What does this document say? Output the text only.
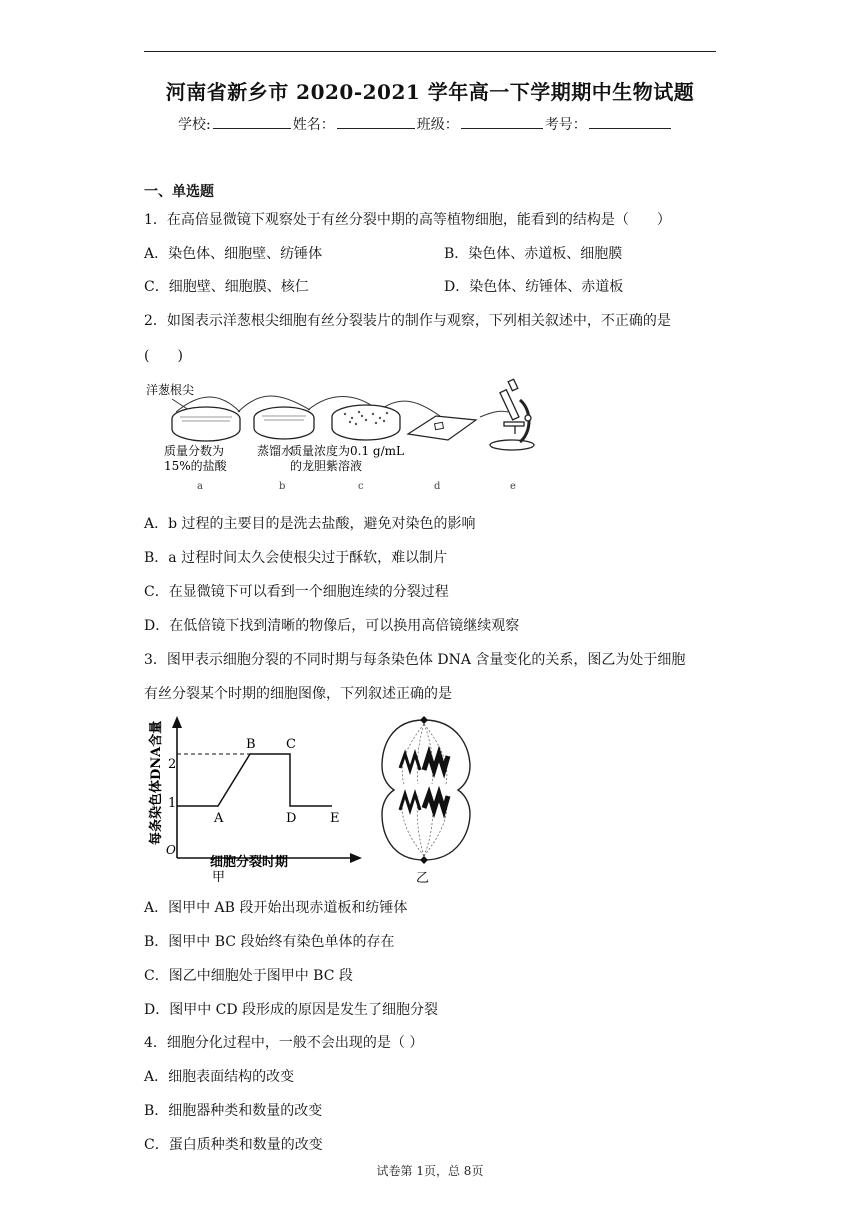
河南省新乡市 2020-2021 学年高一下学期期中生物试题
学校:	姓名：	班级：	考号：
一、单选题
1．在高倍显微镜下观察处于有丝分裂中期的高等植物细胞，能看到的结构是（　　）
A．染色体、细胞壁、纺锤体	B．染色体、赤道板、细胞膜
C．细胞壁、细胞膜、核仁	D．染色体、纺锤体、赤道板
2．如图表示洋葱根尖细胞有丝分裂装片的制作与观察，下列相关叙述中，不正确的是
(　　)
洋葱根尖
质量分数为
15%的盐酸
蒸馏水
质量浓度为0.1 g/mL
的龙胆紫溶液
a	b	c	d	e
A．b 过程的主要目的是洗去盐酸，避免对染色的影响
B．a 过程时间太久会使根尖过于酥软，难以制片
C．在显微镜下可以看到一个细胞连续的分裂过程
D．在低倍镜下找到清晰的物像后，可以换用高倍镜继续观察
3．图甲表示细胞分裂的不同时期与每条染色体 DNA 含量变化的关系，图乙为处于细胞
有丝分裂某个时期的细胞图像，下列叙述正确的是
每条染色体DNA含量
O
1
2
A
B C
D	E
细胞分裂时期
甲	乙
A．图甲中 AB 段开始出现赤道板和纺锤体
B．图甲中 BC 段始终有染色单体的存在
C．图乙中细胞处于图甲中 BC 段
D．图甲中 CD 段形成的原因是发生了细胞分裂
4．细胞分化过程中，一般不会出现的是（ ）
A．细胞表面结构的改变
B．细胞器种类和数量的改变
C．蛋白质种类和数量的改变
试卷第 1页，总 8页
